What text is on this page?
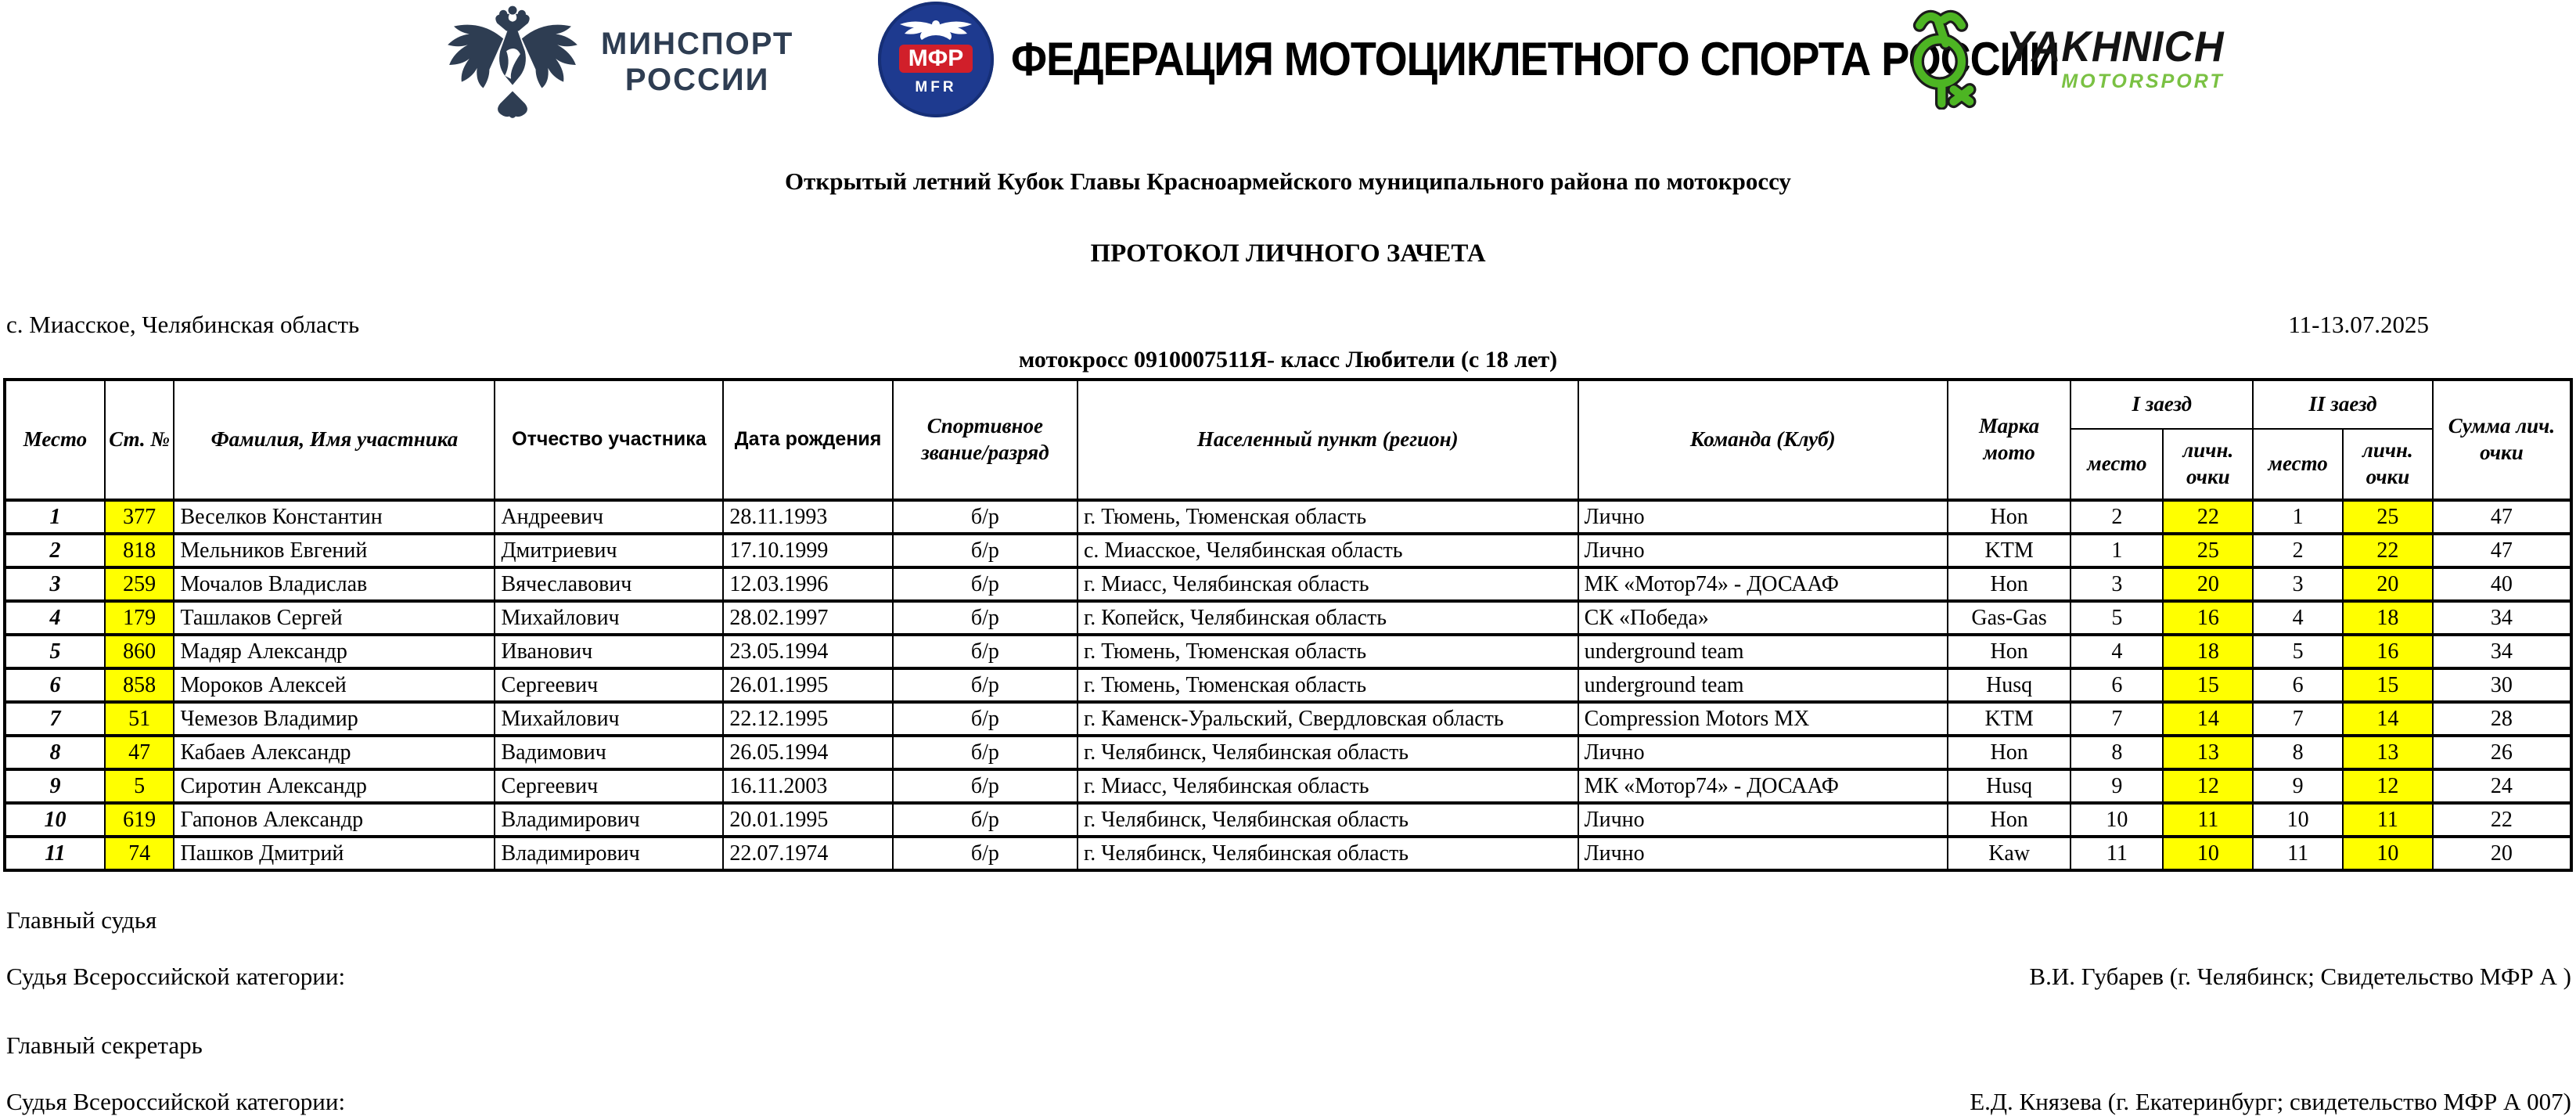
МИНСПОРТ
РОССИИ
МФР
MFR
ФЕДЕРАЦИЯ МОТОЦИКЛЕТНОГО СПОРТА РОССИИ
YAKHNICH
MOTORSPORT
Открытый летний Кубок Главы Красноармейского муниципального района по мотокроссу
ПРОТОКОЛ ЛИЧНОГО ЗАЧЕТА
с. Миасское, Челябинская область	11-13.07.2025
мотокросс 0910007511Я- класс Любители (с 18 лет)
Место	Ст. №	Фамилия, Имя участника	Отчество участника	Дата рождения	Спортивное звание/разряд	Населенный пункт (регион)	Команда (Клуб)	Марка мото	I заезд		II заезд		Сумма лич. очки
									место	личн. очки	место	личн. очки	
1	377	Веселков Константин	Андреевич	28.11.1993	б/р	г. Тюмень, Тюменская область	Лично	Hon	2	22	1	25	47
2	818	Мельников Евгений	Дмитриевич	17.10.1999	б/р	с. Миасское, Челябинская область	Лично	KTM	1	25	2	22	47
3	259	Мочалов Владислав	Вячеславович	12.03.1996	б/р	г. Миасс, Челябинская область	МК «Мотор74» - ДОСААФ	Hon	3	20	3	20	40
4	179	Ташлаков Сергей	Михайлович	28.02.1997	б/р	г. Копейск, Челябинская область	СК «Победа»	Gas-Gas	5	16	4	18	34
5	860	Мадяр Александр	Иванович	23.05.1994	б/р	г. Тюмень, Тюменская область	underground team	Hon	4	18	5	16	34
6	858	Мороков Алексей	Сергеевич	26.01.1995	б/р	г. Тюмень, Тюменская область	underground team	Husq	6	15	6	15	30
7	51	Чемезов Владимир	Михайлович	22.12.1995	б/р	г. Каменск-Уральский, Свердловская область	Compression Motors MX	KTM	7	14	7	14	28
8	47	Кабаев Александр	Вадимович	26.05.1994	б/р	г. Челябинск, Челябинская область	Лично	Hon	8	13	8	13	26
9	5	Сиротин Александр	Сергеевич	16.11.2003	б/р	г. Миасс, Челябинская область	МК «Мотор74» - ДОСААФ	Husq	9	12	9	12	24
10	619	Гапонов Александр	Владимирович	20.01.1995	б/р	г. Челябинск, Челябинская область	Лично	Hon	10	11	10	11	22
11	74	Пашков Дмитрий	Владимирович	22.07.1974	б/р	г. Челябинск, Челябинская область	Лично	Kaw	11	10	11	10	20
Главный судья
Судья Всероссийской категории:	В.И. Губарев (г. Челябинск; Свидетельство МФР А )
Главный секретарь
Судья Всероссийской категории:	Е.Д. Князева (г. Екатеринбург; свидетельство МФР А 007)
